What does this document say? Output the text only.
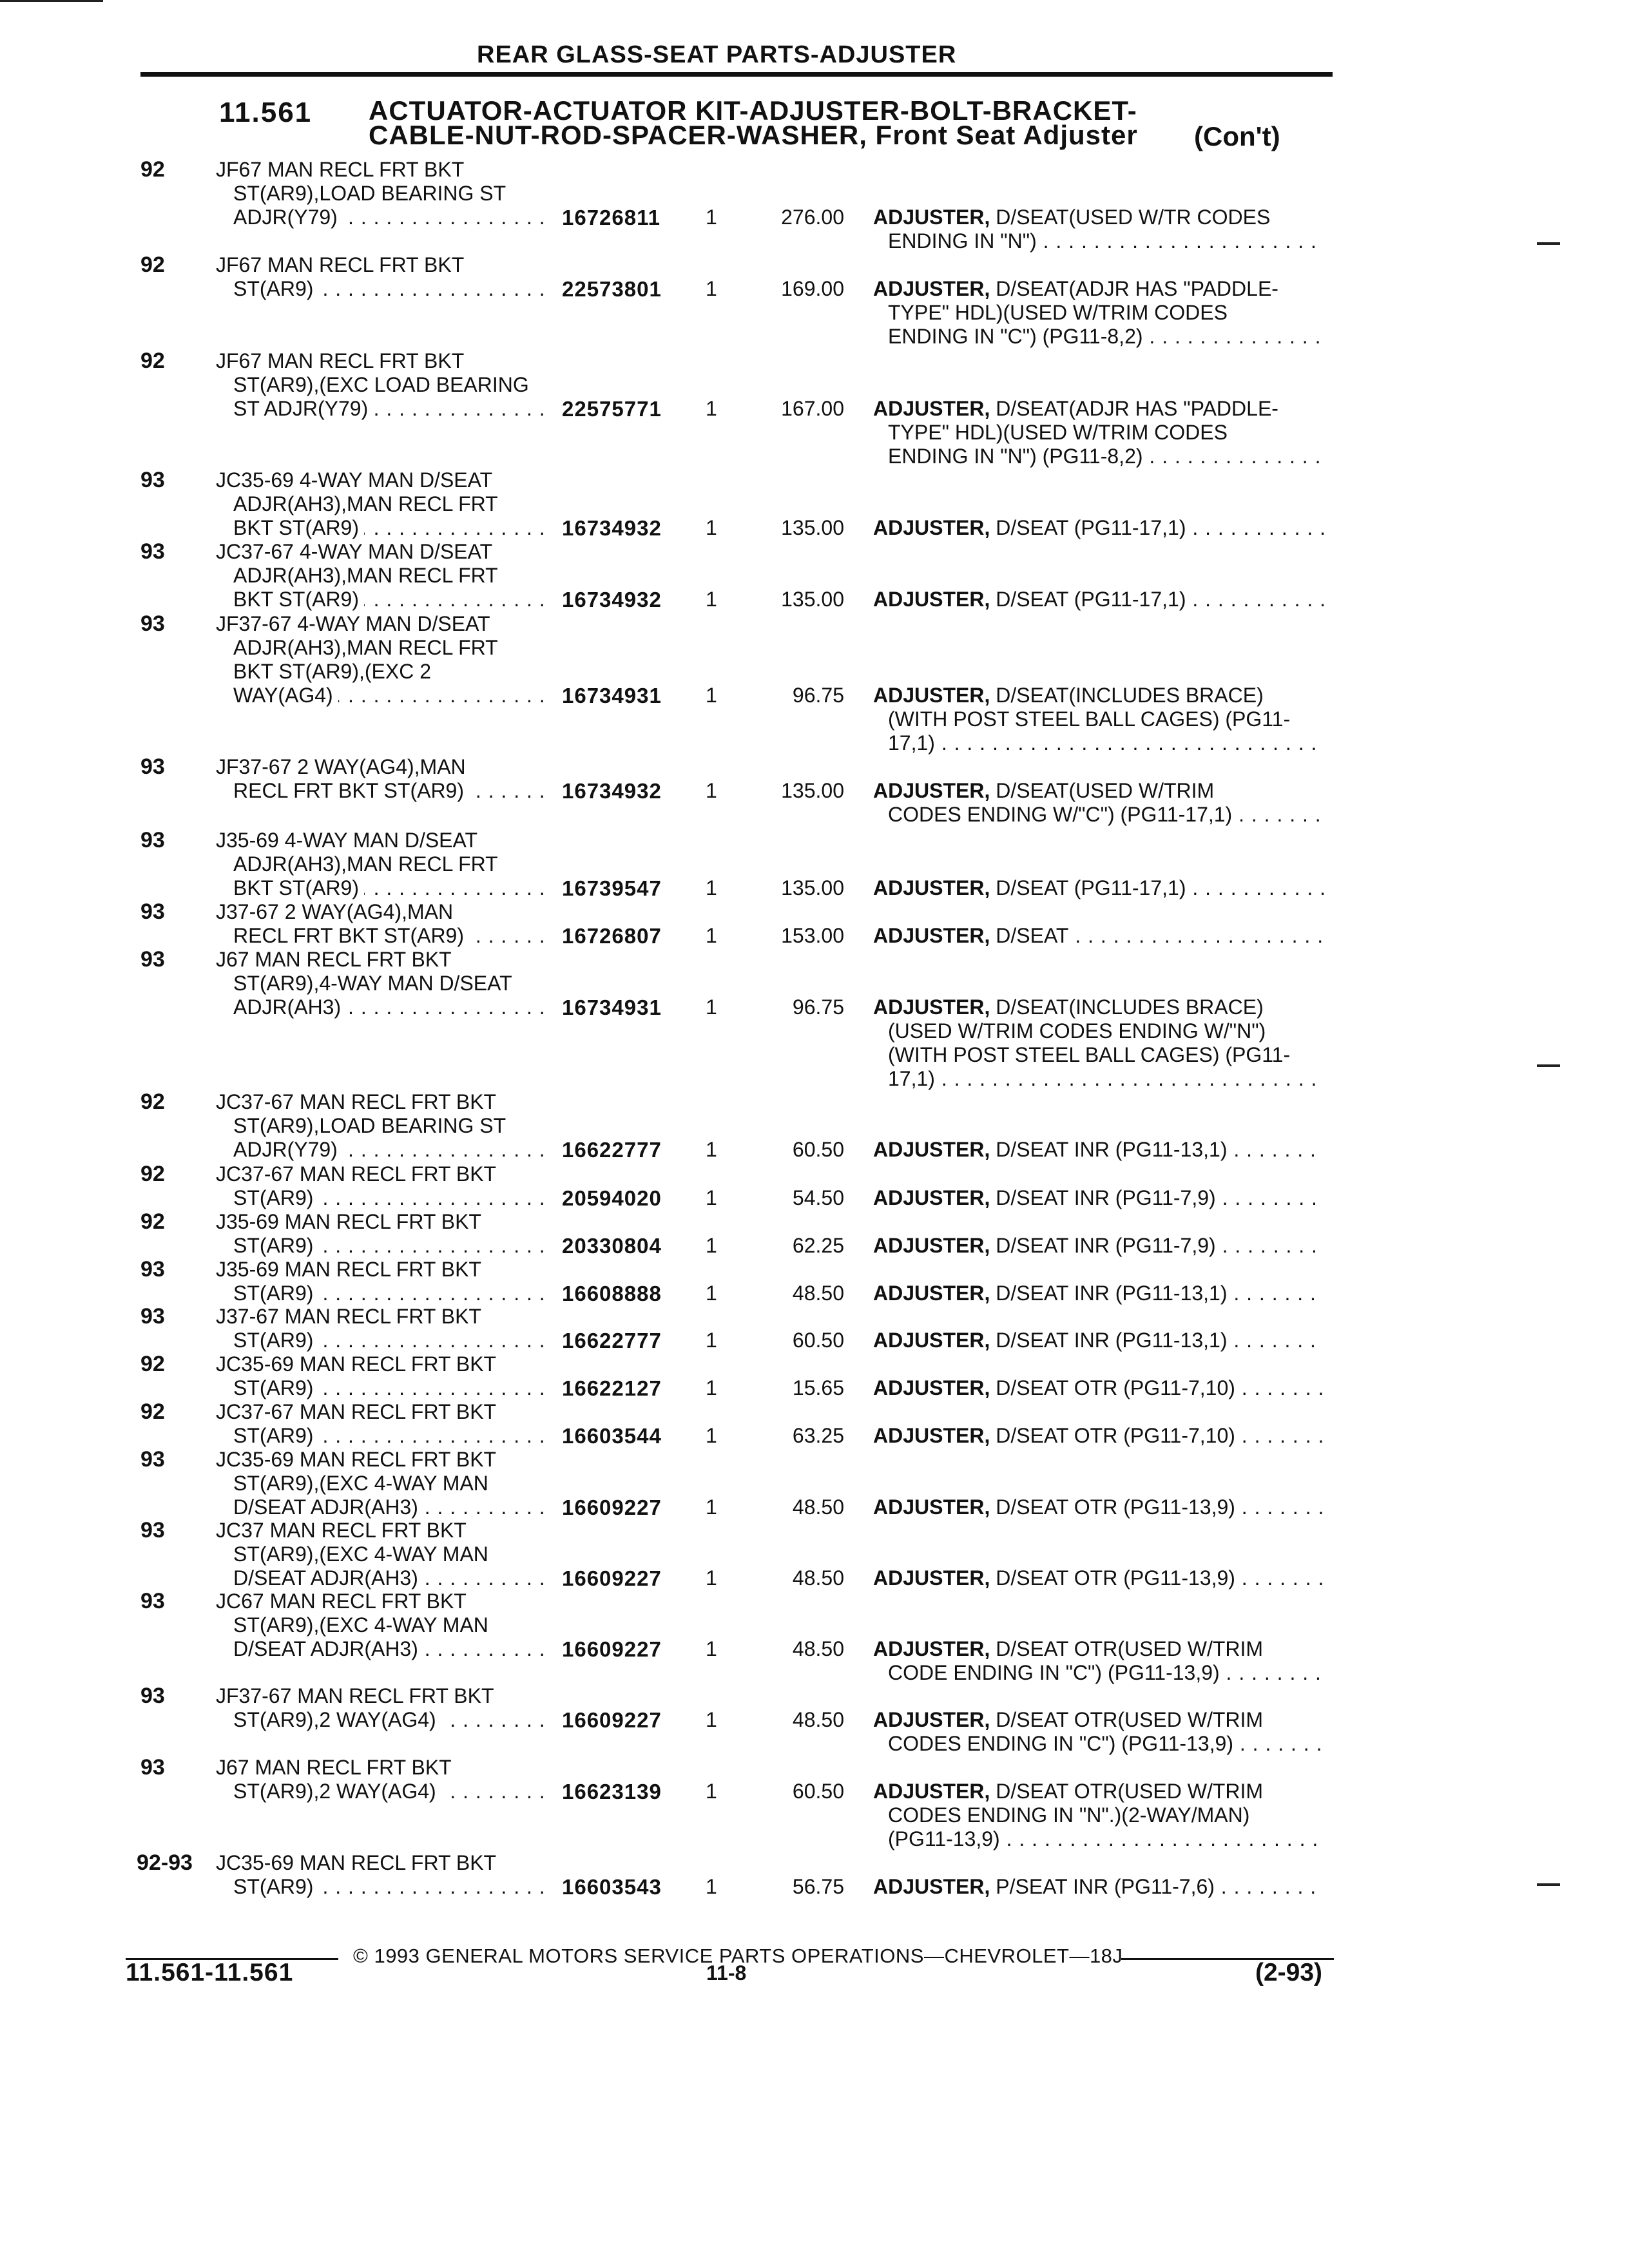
REAR GLASS-SEAT PARTS-ADJUSTER
11.561 ACTUATOR-ACTUATOR KIT-ADJUSTER-BOLT-BRACKET-
CABLE-NUT-ROD-SPACER-WASHER, Front Seat Adjuster (Con't)
92 JF67 MAN RECL FRT BKT
ST(AR9),LOAD BEARING ST
ADJR(Y79) . . .	16726811 1	276.00 ADJUSTER, D/SEAT(USED W/TR CODES
ENDING IN "N") . . .
92 JF67 MAN RECL FRT BKT
ST(AR9) . . .	22573801 1	169.00 ADJUSTER, D/SEAT(ADJR HAS "PADDLE-
TYPE" HDL)(USED W/TRIM CODES
ENDING IN "C") (PG11-8,2) . . .
92 JF67 MAN RECL FRT BKT
ST(AR9),(EXC LOAD BEARING
ST ADJR(Y79) . . .	22575771 1	167.00 ADJUSTER, D/SEAT(ADJR HAS "PADDLE-
TYPE" HDL)(USED W/TRIM CODES
ENDING IN "N") (PG11-8,2) . . .
93 JC35-69 4-WAY MAN D/SEAT
ADJR(AH3),MAN RECL FRT
BKT ST(AR9) . . .	16734932 1	135.00 ADJUSTER, D/SEAT (PG11-17,1) . . .
93 JC37-67 4-WAY MAN D/SEAT
ADJR(AH3),MAN RECL FRT
BKT ST(AR9) . . .	16734932 1	135.00 ADJUSTER, D/SEAT (PG11-17,1) . . .
93 JF37-67 4-WAY MAN D/SEAT
ADJR(AH3),MAN RECL FRT
BKT ST(AR9),(EXC 2
WAY(AG4) . . .	16734931 1	96.75 ADJUSTER, D/SEAT(INCLUDES BRACE)
(WITH POST STEEL BALL CAGES) (PG11-
17,1) . . .
93 JF37-67 2 WAY(AG4),MAN
RECL FRT BKT ST(AR9) . . .	16734932 1	135.00 ADJUSTER, D/SEAT(USED W/TRIM
CODES ENDING W/"C") (PG11-17,1) . . .
93 J35-69 4-WAY MAN D/SEAT
ADJR(AH3),MAN RECL FRT
BKT ST(AR9) . . .	16739547 1	135.00 ADJUSTER, D/SEAT (PG11-17,1) . . .
93 J37-67 2 WAY(AG4),MAN
RECL FRT BKT ST(AR9) . . .	16726807 1	153.00 ADJUSTER, D/SEAT . . .
93 J67 MAN RECL FRT BKT
ST(AR9),4-WAY MAN D/SEAT
ADJR(AH3) . . .	16734931 1	96.75 ADJUSTER, D/SEAT(INCLUDES BRACE)
(USED W/TRIM CODES ENDING W/"N")
(WITH POST STEEL BALL CAGES) (PG11-
17,1) . . .
92 JC37-67 MAN RECL FRT BKT
ST(AR9),LOAD BEARING ST
ADJR(Y79) . . .	16622777 1	60.50 ADJUSTER, D/SEAT INR (PG11-13,1) . . .
92 JC37-67 MAN RECL FRT BKT
ST(AR9) . . .	20594020 1	54.50 ADJUSTER, D/SEAT INR (PG11-7,9) . . .
92 J35-69 MAN RECL FRT BKT
ST(AR9) . . .	20330804 1	62.25 ADJUSTER, D/SEAT INR (PG11-7,9) . . .
93 J35-69 MAN RECL FRT BKT
ST(AR9) . . .	16608888 1	48.50 ADJUSTER, D/SEAT INR (PG11-13,1) . . .
93 J37-67 MAN RECL FRT BKT
ST(AR9) . . .	16622777 1	60.50 ADJUSTER, D/SEAT INR (PG11-13,1) . . .
92 JC35-69 MAN RECL FRT BKT
ST(AR9) . . .	16622127 1	15.65 ADJUSTER, D/SEAT OTR (PG11-7,10) . . .
92 JC37-67 MAN RECL FRT BKT
ST(AR9) . . .	16603544 1	63.25 ADJUSTER, D/SEAT OTR (PG11-7,10) . . .
93 JC35-69 MAN RECL FRT BKT
ST(AR9),(EXC 4-WAY MAN
D/SEAT ADJR(AH3) . . .	16609227 1	48.50 ADJUSTER, D/SEAT OTR (PG11-13,9) . . .
93 JC37 MAN RECL FRT BKT
ST(AR9),(EXC 4-WAY MAN
D/SEAT ADJR(AH3) . . .	16609227 1	48.50 ADJUSTER, D/SEAT OTR (PG11-13,9) . . .
93 JC67 MAN RECL FRT BKT
ST(AR9),(EXC 4-WAY MAN
D/SEAT ADJR(AH3) . . .	16609227 1	48.50 ADJUSTER, D/SEAT OTR(USED W/TRIM
CODE ENDING IN "C") (PG11-13,9) . . .
93 JF37-67 MAN RECL FRT BKT
ST(AR9),2 WAY(AG4) . . .	16609227 1	48.50 ADJUSTER, D/SEAT OTR(USED W/TRIM
CODES ENDING IN "C") (PG11-13,9) . . .
93 J67 MAN RECL FRT BKT
ST(AR9),2 WAY(AG4) . . .	16623139 1	60.50 ADJUSTER, D/SEAT OTR(USED W/TRIM
CODES ENDING IN "N".)(2-WAY/MAN)
(PG11-13,9) . . .
92-93 JC35-69 MAN RECL FRT BKT
ST(AR9) . . .	16603543 1	56.75 ADJUSTER, P/SEAT INR (PG11-7,6) . . .
© 1993 GENERAL MOTORS SERVICE PARTS OPERATIONS—CHEVROLET—18J
11.561-11.561	11-8	(2-93)
